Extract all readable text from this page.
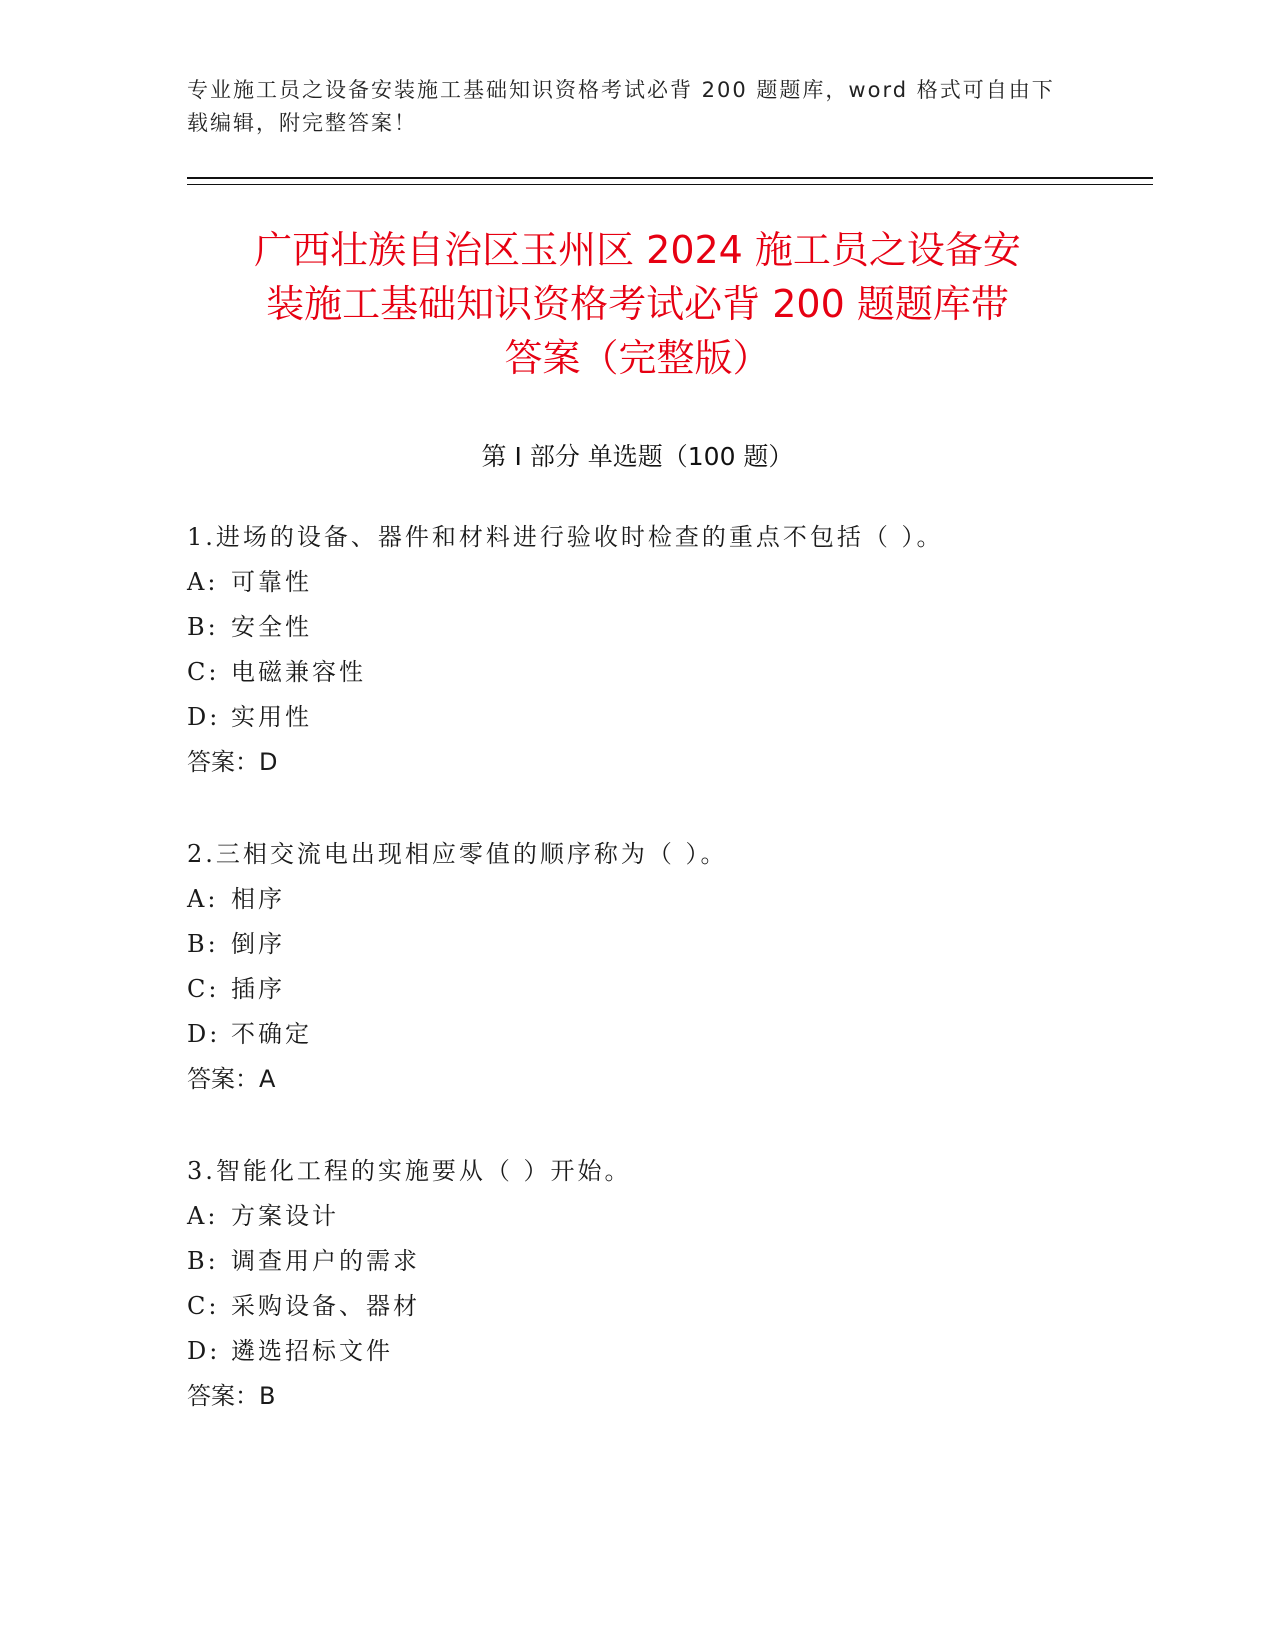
专业施工员之设备安装施工基础知识资格考试必背 200 题题库，word 格式可自由下载编辑，附完整答案！
广西壮族自治区玉州区 2024 施工员之设备安
装施工基础知识资格考试必背 200 题题库带
答案（完整版）
第 I 部分 单选题（100 题）
1.进场的设备、器件和材料进行验收时检查的重点不包括（ ）。
A: 可靠性
B: 安全性
C: 电磁兼容性
D: 实用性
答案：D
2.三相交流电出现相应零值的顺序称为（ ）。
A: 相序
B: 倒序
C: 插序
D: 不确定
答案：A
3.智能化工程的实施要从（ ）开始。
A: 方案设计
B: 调查用户的需求
C: 采购设备、器材
D: 遴选招标文件
答案：B
